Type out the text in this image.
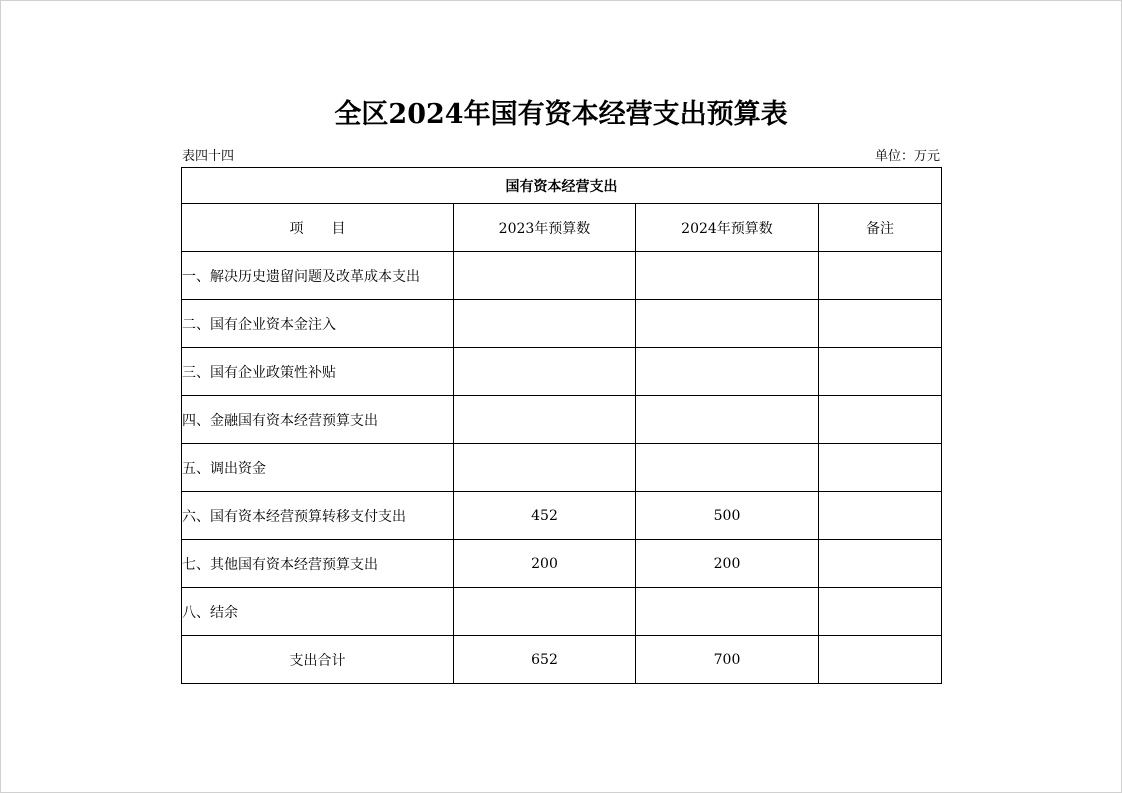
全区2024年国有资本经营支出预算表
表四十四	单位：万元
国有资本经营支出			
项　　目	2023年预算数	2024年预算数	备注
一、解决历史遗留问题及改革成本支出			
二、国有企业资本金注入			
三、国有企业政策性补贴			
四、金融国有资本经营预算支出			
五、调出资金			
六、国有资本经营预算转移支付支出	452	500	
七、其他国有资本经营预算支出	200	200	
八、结余			
支出合计	652	700	
